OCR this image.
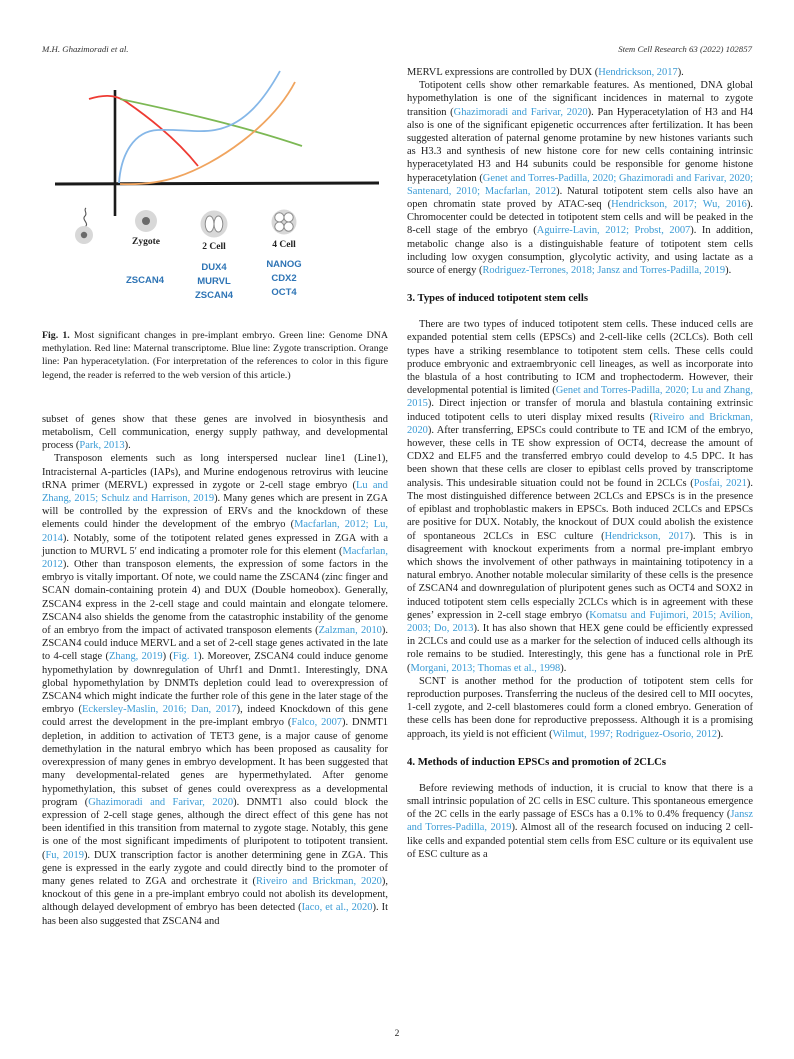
M.H. Ghazimoradi et al.	Stem Cell Research 63 (2022) 102857
Zygote	2 Cell	4 Cell
ZSCAN4
DUX4
MURVL
ZSCAN4
NANOG
CDX2
OCT4
Fig. 1. Most significant changes in pre-implant embryo. Green line: Genome DNA methylation. Red line: Maternal transcriptome. Blue line: Zygote transcription. Orange line: Pan hyperacetylation. (For interpretation of the references to color in this figure legend, the reader is referred to the web version of this article.)

subset of genes show that these genes are involved in biosynthesis and metabolism, Cell communication, energy supply pathway, and developmental process (Park, 2013).

Transposon elements such as long interspersed nuclear line1 (Line1), Intracisternal A-particles (IAPs), and Murine endogenous retrovirus with leucine tRNA primer (MERVL) expressed in zygote or 2-cell stage embryo (Lu and Zhang, 2015; Schulz and Harrison, 2019). Many genes which are present in ZGA will be controlled by the expression of ERVs and the knockdown of these elements could hinder the development of the embryo (Macfarlan, 2012; Lu, 2014). Notably, some of the totipotent related genes expressed in ZGA with a junction to MURVL 5′ end indicating a promoter role for this element (Macfarlan, 2012). Other than transposon elements, the expression of some factors in the embryo is vitally important. Of note, we could name the ZSCAN4 (zinc finger and SCAN domain-containing protein 4) and DUX (Double homeobox). Generally, ZSCAN4 express in the 2-cell stage and could maintain and elongate telomere. ZSCAN4 also shields the genome from the catastrophic instability of the genome of an embryo from the impact of activated transposon elements (Zalzman, 2010). ZSCAN4 could induce MERVL and a set of 2-cell stage genes activated in the late to 4-cell stage (Zhang, 2019) (Fig. 1). Moreover, ZSCAN4 could induce genome hypomethylation by downregulation of Uhrf1 and Dnmt1. Interestingly, DNA global hypomethylation by DNMTs depletion could lead to overexpression of ZSCAN4 which might indicate the further role of this gene in the later stage of the embryo (Eckersley-Maslin, 2016; Dan, 2017), indeed Knockdown of this gene could arrest the development in the pre-implant embryo (Falco, 2007). DNMT1 depletion, in addition to activation of TET3 gene, is a major cause of genome demethylation in the natural embryo which has been proposed as causality for overexpression of many genes in embryo development. It has been suggested that many developmental-related genes are hypermethylated. After genome hypomethylation, this subset of genes could overexpress as a developmental program (Ghazimoradi and Farivar, 2020). DNMT1 also could block the expression of 2-cell stage genes, although the direct effect of this gene has not been identified in this transition from maternal to zygote stage. Notably, this gene is one of the most significant impediments of pluripotent to totipotent transient. (Fu, 2019). DUX transcription factor is another determining gene in ZGA. This gene is expressed in the early zygote and could directly bind to the promoter of many genes related to ZGA and orchestrate it (Riveiro and Brickman, 2020), knockout of this gene in a pre-implant embryo could not abolish its development, although delayed development of embryo has been detected (Iaco, et al., 2020). It has been also suggested that ZSCAN4 and

MERVL expressions are controlled by DUX (Hendrickson, 2017).

Totipotent cells show other remarkable features. As mentioned, DNA global hypomethylation is one of the significant incidences in maternal to zygote transition (Ghazimoradi and Farivar, 2020). Pan Hyperacetylation of H3 and H4 also is one of the significant epigenetic occurrences after fertilization. It has been suggested alteration of paternal genome protamine by new histones variants such as H3.3 and synthesis of new histone core for new cells containing intrinsic hyperacetylated H3 and H4 subunits could be responsible for genome histone hyperacetylation (Genet and Torres-Padilla, 2020; Ghazimoradi and Farivar, 2020; Santenard, 2010; Macfarlan, 2012). Natural totipotent stem cells also have an open chromatin state proved by ATAC-seq (Hendrickson, 2017; Wu, 2016). Chromocenter could be detected in totipotent stem cells and will be peaked in the 8-cell stage of the embryo (Aguirre-Lavin, 2012; Probst, 2007). In addition, metabolic change also is a distinguishable feature of totipotent stem cells including low oxygen consumption, glycolytic activity, and using lactate as a source of energy (Rodriguez-Terrones, 2018; Jansz and Torres-Padilla, 2019).

3. Types of induced totipotent stem cells

There are two types of induced totipotent stem cells. These induced cells are expanded potential stem cells (EPSCs) and 2-cell-like cells (2CLCs). Both cell types have a striking resemblance to totipotent stem cells. These cells could produce embryonic and extraembryonic cell lineages, as well as incorporate into the blastula of a host contributing to ICM and trophectoderm. However, their developmental potential is limited (Genet and Torres-Padilla, 2020; Lu and Zhang, 2015). Direct injection or transfer of morula and blastula containing extrinsic induced totipotent cells to uteri display mixed results (Riveiro and Brickman, 2020). After transferring, EPSCs could contribute to TE and ICM of the embryo, however, these cells in TE show expression of OCT4, decrease the amount of CDX2 and ELF5 and the transferred embryo could develop to 4.5 DPC. It has been shown that these cells are closer to epiblast cells proved by transcriptome analysis. This undesirable situation could not be found in 2CLCs (Posfai, 2021). The most distinguished difference between 2CLCs and EPSCs is in the presence of epiblast and trophoblastic makers in EPSCs. Both induced 2CLCs and EPSCs are positive for DUX. Notably, the knockout of DUX could abolish the existence of spontaneous 2CLCs in ESC culture (Hendrickson, 2017). This is in disagreement with knockout experiments from a normal pre-implant embryo which shows the involvement of other pathways in maintaining totipotency in a natural embryo. Another notable molecular similarity of these cells is the presence of ZSCAN4 and downregulation of pluripotent genes such as OCT4 and SOX2 in induced totipotent stem cells especially 2CLCs which is in agreement with these genes’ expression in 2-cell stage embryo (Komatsu and Fujimori, 2015; Avilion, 2003; Do, 2013). It has also shown that HEX gene could be efficiently expressed in 2CLCs and could use as a marker for the selection of induced cells although its role remains to be studied. Interestingly, this gene has a functional role in PrE (Morgani, 2013; Thomas et al., 1998).

SCNT is another method for the production of totipotent stem cells for reproduction purposes. Transferring the nucleus of the desired cell to MII oocytes, 1-cell zygote, and 2-cell blastomeres could form a cloned embryo. Generation of these cells has been done for reproductive prepossess. Although it is a promising approach, its yield is not efficient (Wilmut, 1997; Rodriguez-Osorio, 2012).

4. Methods of induction EPSCs and promotion of 2CLCs

Before reviewing methods of induction, it is crucial to know that there is a small intrinsic population of 2C cells in ESC culture. This spontaneous emergence of the 2C cells in the early passage of ESCs has a 0.1% to 0.4% frequency (Jansz and Torres-Padilla, 2019). Almost all of the research focused on inducing 2 cell-like cells and expanded potential stem cells from ESC culture or its equivalent use of ESC culture as a

2
